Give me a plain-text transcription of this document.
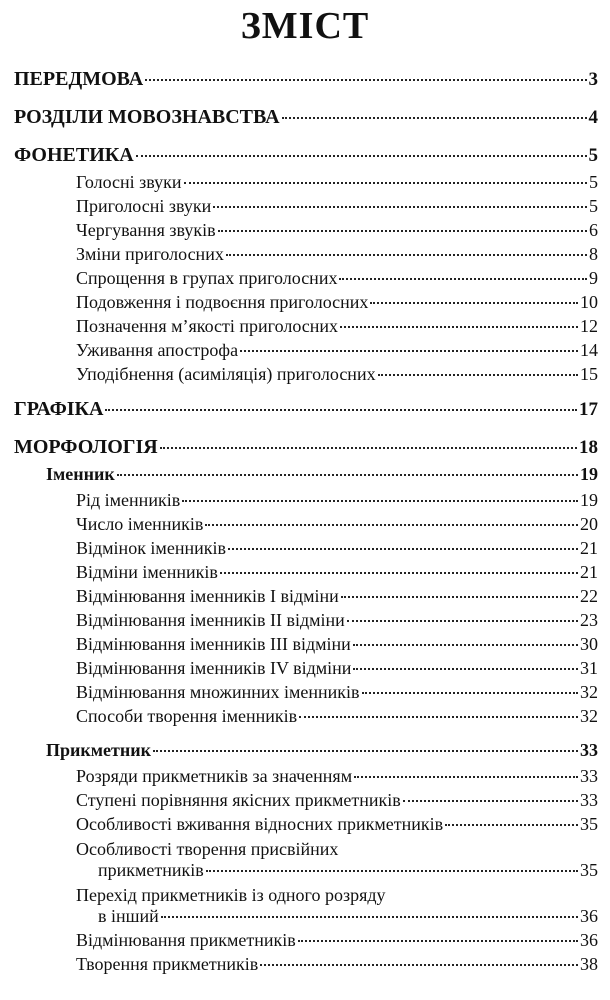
ЗМІСТ
ПЕРЕДМОВА	3
РОЗДІЛИ МОВОЗНАВСТВА	4
ФОНЕТИКА	5
Голосні звуки	5
Приголосні звуки	5
Чергування звуків	6
Зміни приголосних	8
Спрощення в групах приголосних	9
Подовження і подвоєння приголосних	10
Позначення м’якості приголосних	12
Уживання апострофа	14
Уподібнення (асиміляція) приголосних	15
ГРАФІКА	17
МОРФОЛОГІЯ	18
Іменник	19
Рід іменників	19
Число іменників	20
Відмінок іменників	21
Відміни іменників	21
Відмінювання іменників І відміни	22
Відмінювання іменників ІІ відміни	23
Відмінювання іменників ІІІ відміни	30
Відмінювання іменників IV відміни	31
Відмінювання множинних іменників	32
Способи творення іменників	32
Прикметник	33
Розряди прикметників за значенням	33
Ступені порівняння якісних прикметників	33
Особливості вживання відносних прикметників	35
Особливості творення присвійних
прикметників	35
Перехід прикметників із одного розряду
в інший	36
Відмінювання прикметників	36
Творення прикметників	38
